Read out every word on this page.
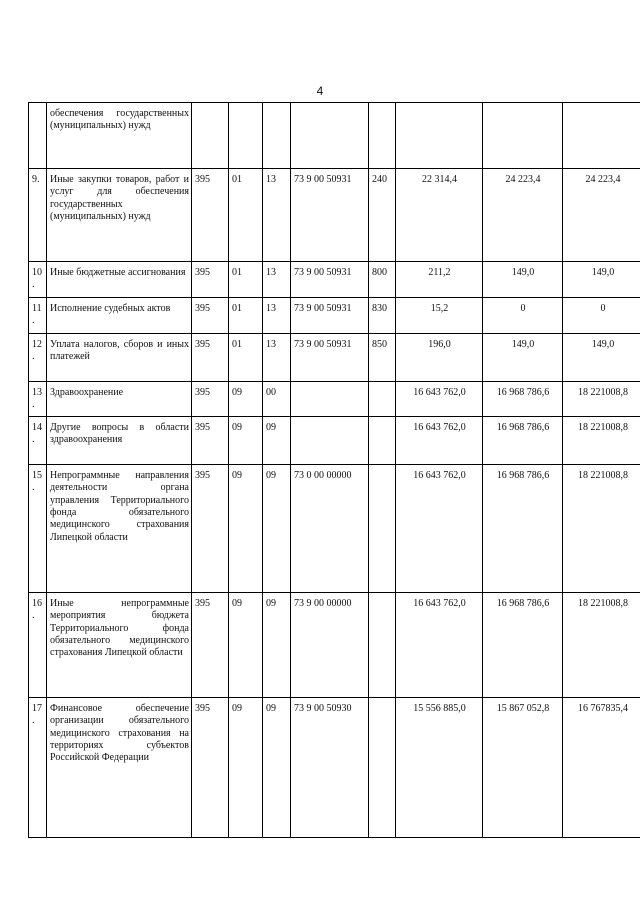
4
	обеспечения государственных (муниципальных) нужд								
9.	Иные закупки товаров, работ и услуг для обеспечения государственных (муниципальных) нужд	395	01	13	73 9 00 50931	240	22 314,4	24 223,4	24 223,4
10.	Иные бюджетные ассигнования	395	01	13	73 9 00 50931	800	211,2	149,0	149,0
11.	Исполнение судебных актов	395	01	13	73 9 00 50931	830	15,2	0	0
12.	Уплата налогов, сборов и иных платежей	395	01	13	73 9 00 50931	850	196,0	149,0	149,0
13.	Здравоохранение	395	09	00			16 643 762,0	16 968 786,6	18 221008,8
14.	Другие вопросы в области здравоохранения	395	09	09			16 643 762,0	16 968 786,6	18 221008,8
15.	Непрограммные направления деятельности органа управления Территориального фонда обязательного медицинского страхования Липецкой области	395	09	09	73 0 00 00000		16 643 762,0	16 968 786,6	18 221008,8
16.	Иные непрограммные мероприятия бюджета Территориального фонда обязательного медицинского страхования Липецкой области	395	09	09	73 9 00 00000		16 643 762,0	16 968 786,6	18 221008,8
17.	Финансовое обеспечение организации обязательного медицинского страхования на территориях субъектов Российской Федерации	395	09	09	73 9 00 50930		15 556 885,0	15 867 052,8	16 767835,4
